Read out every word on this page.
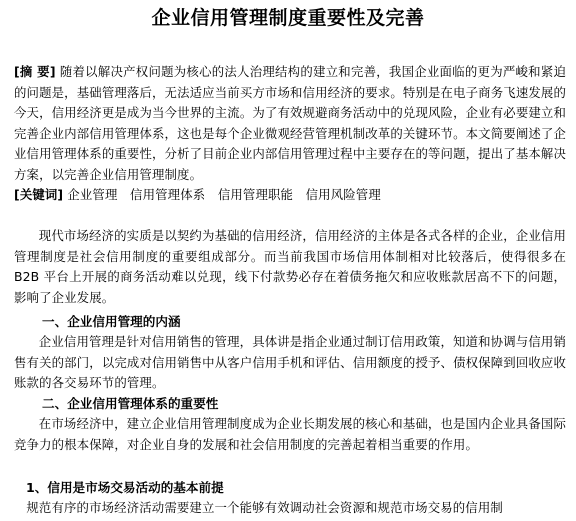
企业信用管理制度重要性及完善
[摘 要] 随着以解决产权问题为核心的法人治理结构的建立和完善，我国企业面临的更为严峻和紧迫的问题是，基础管理落后，无法适应当前买方市场和信用经济的要求。特别是在电子商务飞速发展的今天，信用经济更是成为当今世界的主流。为了有效规避商务活动中的兑现风险，企业有必要建立和完善企业内部信用管理体系，这也是每个企业微观经营管理机制改革的关键环节。本文简要阐述了企业信用管理体系的重要性，分析了目前企业内部信用管理过程中主要存在的等问题，提出了基本解决方案，以完善企业信用管理制度。
[关键词] 企业管理　信用管理体系　信用管理职能　信用风险管理
现代市场经济的实质是以契约为基础的信用经济，信用经济的主体是各式各样的企业，企业信用管理制度是社会信用制度的重要组成部分。而当前我国市场信用体制相对比较落后，使得很多在 B2B 平台上开展的商务活动难以兑现，线下付款势必存在着债务拖欠和应收账款居高不下的问题，影响了企业发展。
一、企业信用管理的内涵
企业信用管理是针对信用销售的管理，具体讲是指企业通过制订信用政策，知道和协调与信用销售有关的部门，以完成对信用销售中从客户信用手机和评估、信用额度的授予、债权保障到回收应收账款的各交易环节的管理。
二、企业信用管理体系的重要性
在市场经济中，建立企业信用管理制度成为企业长期发展的核心和基础，也是国内企业具备国际竞争力的根本保障，对企业自身的发展和社会信用制度的完善起着相当重要的作用。
1、信用是市场交易活动的基本前提
规范有序的市场经济活动需要建立一个能够有效调动社会资源和规范市场交易的信用制
